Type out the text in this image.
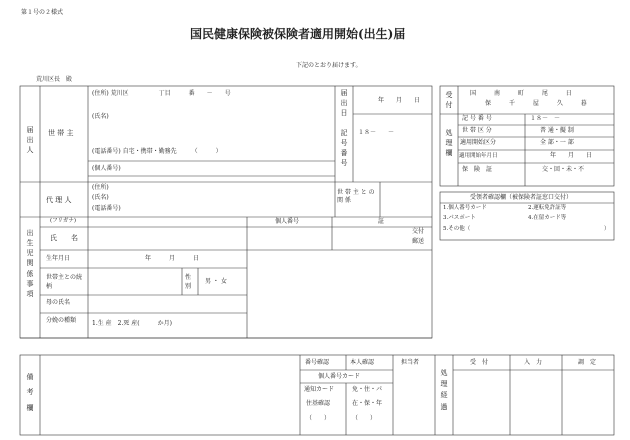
第１号の２様式
国民健康保険被保険者適用開始(出生)届
下記のとおり届けます。
荒川区長　殿
届出人
世 帯 主
(住所) 荒川区　　　　　丁目　　　番　　－　　号
(氏名)
(電話番号) 自宅・携帯・勤務先　　　（　　　）
(個人番号)
代 理 人
(住所)
(氏名)
(電話番号)
届出日
年　　月　　日
記号番号
１８－　　－
世 帯 主 と の 関 係
出生児関係事項
(フリガナ)
氏　　名
個人番号	証
交付
郵送
生年月日	年　　　月　　　日
世帯主との続柄
性別
男 ・ 女
母の氏名
分娩の種類	1.生 産　2.死 産(　　　か月)
受付
国	南	町	尾	日
保	千	屋	久	暮
処理欄
記 号 番 号	１８－　－
世 帯 区 分	普 通・擬 制
適用開始区分	全 部・一 部
適用開始年月日	年　　月　　日
保　険　証	交・回・未・不
受領者確認欄（被保険者証窓口交付）
1.個人番号カード	2.運転免許証等
3.パスポート	4.在留カード等
5.その他（	）
備考欄
番号確認	本人確認	担当者
個人番号カード
通知カード	免・住・パ
住基確認	在・保・年
（　　）	（　　）
処理経過
受　付	入　力	調　定
